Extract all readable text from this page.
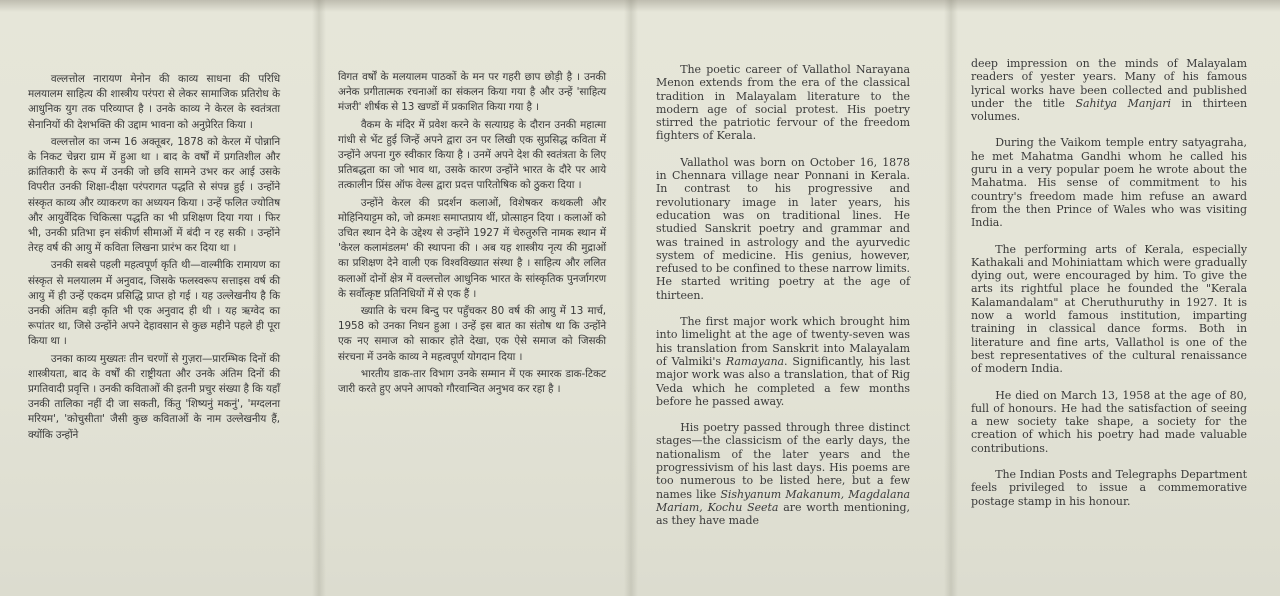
वल्लत्तोल नारायण मेनोन की काव्य साधना की परिधि मलयालम साहित्य की शास्त्रीय परंपरा से लेकर सामाजिक प्रतिरोध के आधुनिक युग तक परिव्याप्त है । उनके काव्य ने केरल के स्वतंत्रता सेनानियों की देशभक्ति की उद्दाम भावना को अनुप्रेरित किया ।

वल्लत्तोल का जन्म 16 अक्तूबर, 1878 को केरल में पोन्नानि के निकट चेन्नरा ग्राम में हुआ था । बाद के वर्षों में प्रगतिशील और क्रांतिकारी के रूप में उनकी जो छवि सामने उभर कर आई उसके विपरीत उनकी शिक्षा-दीक्षा परंपरागत पद्धति से संपन्न हुई । उन्होंने संस्कृत काव्य और व्याकरण का अध्ययन किया । उन्हें फलित ज्योतिष और आयुर्वेदिक चिकित्सा पद्धति का भी प्रशिक्षण दिया गया । फिर भी, उनकी प्रतिभा इन संकीर्ण सीमाओं में बंदी न रह सकी । उन्होंने तेरह वर्ष की आयु में कविता लिखना प्रारंभ कर दिया था ।

उनकी सबसे पहली महत्वपूर्ण कृति थी—वाल्मीकि रामायण का संस्कृत से मलयालम में अनुवाद, जिसके फलस्वरूप सत्ताइस वर्ष की आयु में ही उन्हें एकदम प्रसिद्धि प्राप्त हो गई । यह उल्लेखनीय है कि उनकी अंतिम बड़ी कृति भी एक अनुवाद ही थी । यह ऋग्वेद का रूपांतर था, जिसे उन्होंने अपने देहावसान से कुछ महीने पहले ही पूरा किया था ।

उनका काव्य मुख्यतः तीन चरणों से गुज़रा—प्रारम्भिक दिनों की शास्त्रीयता, बाद के वर्षों की राष्ट्रीयता और उनके अंतिम दिनों की प्रगतिवादी प्रवृत्ति । उनकी कविताओं की इतनी प्रचुर संख्या है कि यहाँ उनकी तालिका नहीं दी जा सकती, किंतु 'शिष्यनुं मकनुं', 'मग्दलना मरियम', 'कोचुसीता' जैसी कुछ कविताओं के नाम उल्लेखनीय हैं, क्योंकि उन्होंने

विगत वर्षों के मलयालम पाठकों के मन पर गहरी छाप छोड़ी है । उनकी अनेक प्रगीतात्मक रचनाओं का संकलन किया गया है और उन्हें 'साहित्य मंजरी' शीर्षक से 13 खण्डों में प्रकाशित किया गया है ।

वैकम के मंदिर में प्रवेश करने के सत्याग्रह के दौरान उनकी महात्मा गांधी से भेंट हुई जिन्हें अपने द्वारा उन पर लिखी एक सुप्रसिद्ध कविता में उन्होंने अपना गुरु स्वीकार किया है । उनमें अपने देश की स्वतंत्रता के लिए प्रतिबद्धता का जो भाव था, उसके कारण उन्होंने भारत के दौरे पर आये तत्कालीन प्रिंस ऑफ वेल्स द्वारा प्रदत्त पारितोषिक को ठुकरा दिया ।

उन्होंने केरल की प्रदर्शन कलाओं, विशेषकर कथकली और मोहिनियाट्टम को, जो क्रमशः समाप्तप्राय थीं, प्रोत्साहन दिया । कलाओं को उचित स्थान देने के उद्देश्य से उन्होंने 1927 में चेरुतुरुत्ति नामक स्थान में 'केरल कलामंडलम' की स्थापना की । अब यह शास्त्रीय नृत्य की मुद्राओं का प्रशिक्षण देने वाली एक विश्वविख्यात संस्था है । साहित्य और ललित कलाओं दोनों क्षेत्र में वल्लत्तोल आधुनिक भारत के सांस्कृतिक पुनर्जागरण के सर्वोत्कृष्ट प्रतिनिधियों में से एक हैं ।

ख्याति के चरम बिन्दु पर पहुँचकर 80 वर्ष की आयु में 13 मार्च, 1958 को उनका निधन हुआ । उन्हें इस बात का संतोष था कि उन्होंने एक नए समाज को साकार होते देखा, एक ऐसे समाज को जिसकी संरचना में उनके काव्य ने महत्वपूर्ण योगदान दिया ।

भारतीय डाक-तार विभाग उनके सम्मान में एक स्मारक डाक-टिकट जारी करते हुए अपने आपको गौरवान्वित अनुभव कर रहा है ।

The poetic career of Vallathol Narayana Menon extends from the era of the classical tradition in Malayalam literature to the modern age of social protest. His poetry stirred the patriotic fervour of the freedom fighters of Kerala.

Vallathol was born on October 16, 1878 in Chennara village near Ponnani in Kerala. In contrast to his progressive and revolutionary image in later years, his education was on traditional lines. He studied Sanskrit poetry and grammar and was trained in astrology and the ayurvedic system of medicine. His genius, however, refused to be confined to these narrow limits. He started writing poetry at the age of thirteen.

The first major work which brought him into limelight at the age of twenty-seven was his translation from Sanskrit into Malayalam of Valmiki's Ramayana. Significantly, his last major work was also a translation, that of Rig Veda which he completed a few months before he passed away.

His poetry passed through three distinct stages—the classicism of the early days, the nationalism of the later years and the progressivism of his last days. His poems are too numerous to be listed here, but a few names like Sishyanum Makanum, Magdalana Mariam, Kochu Seeta are worth mentioning, as they have made

deep impression on the minds of Malayalam readers of yester years. Many of his famous lyrical works have been collected and published under the title Sahitya Manjari in thirteen volumes.

During the Vaikom temple entry satyagraha, he met Mahatma Gandhi whom he called his guru in a very popular poem he wrote about the Mahatma. His sense of commitment to his country's freedom made him refuse an award from the then Prince of Wales who was visiting India.

The performing arts of Kerala, especially Kathakali and Mohiniattam which were gradually dying out, were encouraged by him. To give the arts its rightful place he founded the "Kerala Kalamandalam" at Cheruthuruthy in 1927. It is now a world famous institution, imparting training in classical dance forms. Both in literature and fine arts, Vallathol is one of the best representatives of the cultural renaissance of modern India.

He died on March 13, 1958 at the age of 80, full of honours. He had the satisfaction of seeing a new society take shape, a society for the creation of which his poetry had made valuable contributions.

The Indian Posts and Telegraphs Department feels privileged to issue a commemorative postage stamp in his honour.
